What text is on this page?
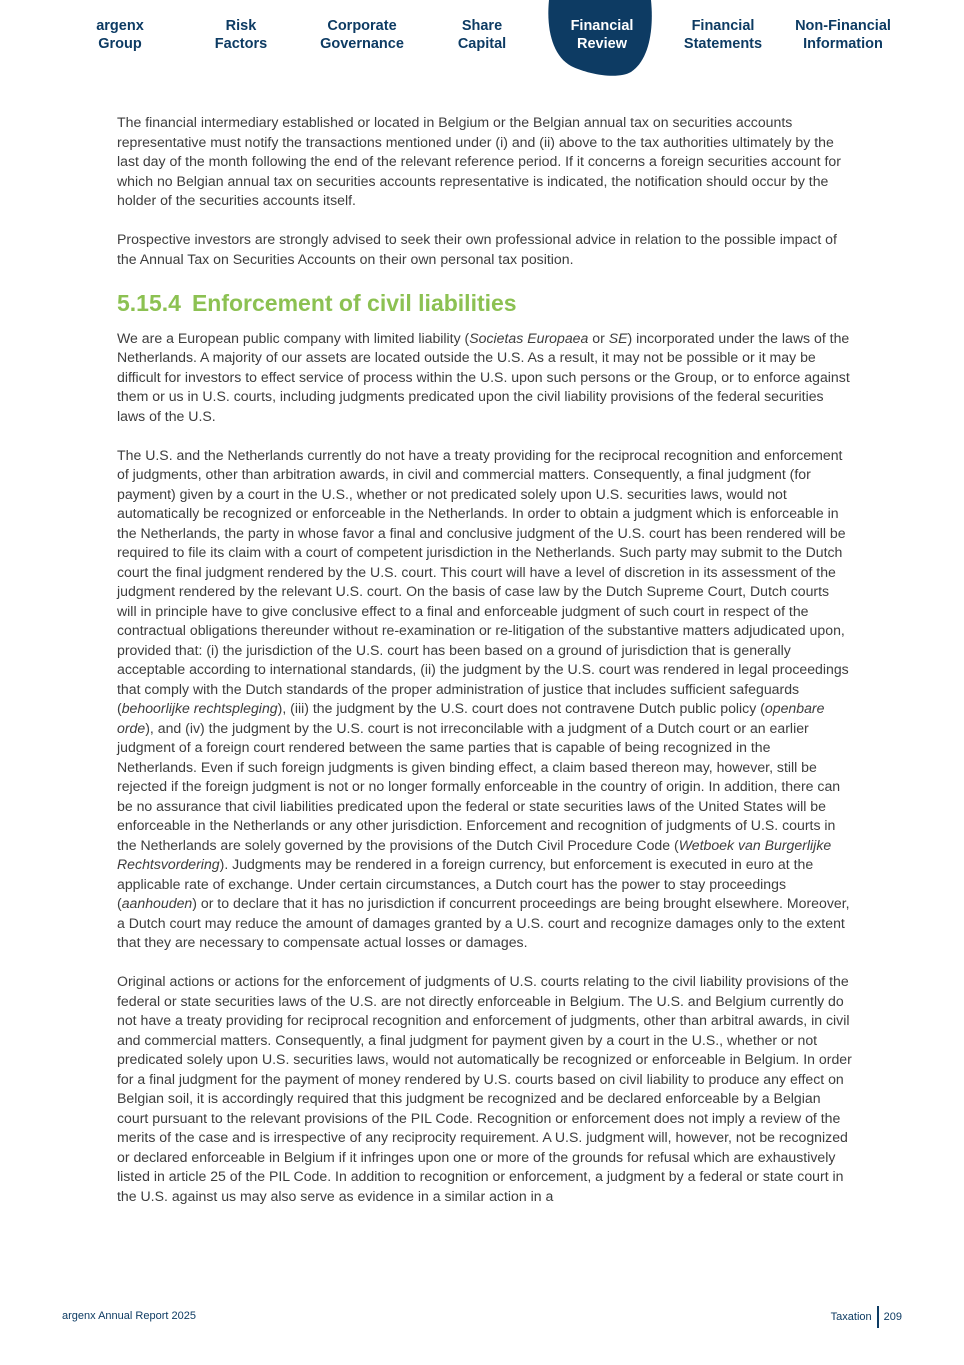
argenx
Group
Risk
Factors
Corporate
Governance
Share
Capital
Financial
Review
Financial
Statements
Non-Financial
Information

The financial intermediary established or located in Belgium or the Belgian annual tax on securities accounts representative must notify the transactions mentioned under (i) and (ii) above to the tax authorities ultimately by the last day of the month following the end of the relevant reference period. If it concerns a foreign securities account for which no Belgian annual tax on securities accounts representative is indicated, the notification should occur by the holder of the securities accounts itself.

Prospective investors are strongly advised to seek their own professional advice in relation to the possible impact of the Annual Tax on Securities Accounts on their own personal tax position.

5.15.4 Enforcement of civil liabilities

We are a European public company with limited liability (Societas Europaea or SE) incorporated under the laws of the Netherlands. A majority of our assets are located outside the U.S. As a result, it may not be possible or it may be difficult for investors to effect service of process within the U.S. upon such persons or the Group, or to enforce against them or us in U.S. courts, including judgments predicated upon the civil liability provisions of the federal securities laws of the U.S.

The U.S. and the Netherlands currently do not have a treaty providing for the reciprocal recognition and enforcement of judgments, other than arbitration awards, in civil and commercial matters. Consequently, a final judgment (for payment) given by a court in the U.S., whether or not predicated solely upon U.S. securities laws, would not automatically be recognized or enforceable in the Netherlands. In order to obtain a judgment which is enforceable in the Netherlands, the party in whose favor a final and conclusive judgment of the U.S. court has been rendered will be required to file its claim with a court of competent jurisdiction in the Netherlands. Such party may submit to the Dutch court the final judgment rendered by the U.S. court. This court will have a level of discretion in its assessment of the judgment rendered by the relevant U.S. court. On the basis of case law by the Dutch Supreme Court, Dutch courts will in principle have to give conclusive effect to a final and enforceable judgment of such court in respect of the contractual obligations thereunder without re-examination or re-litigation of the substantive matters adjudicated upon, provided that: (i) the jurisdiction of the U.S. court has been based on a ground of jurisdiction that is generally acceptable according to international standards, (ii) the judgment by the U.S. court was rendered in legal proceedings that comply with the Dutch standards of the proper administration of justice that includes sufficient safeguards (behoorlijke rechtspleging), (iii) the judgment by the U.S. court does not contravene Dutch public policy (openbare orde), and (iv) the judgment by the U.S. court is not irreconcilable with a judgment of a Dutch court or an earlier judgment of a foreign court rendered between the same parties that is capable of being recognized in the Netherlands. Even if such foreign judgments is given binding effect, a claim based thereon may, however, still be rejected if the foreign judgment is not or no longer formally enforceable in the country of origin. In addition, there can be no assurance that civil liabilities predicated upon the federal or state securities laws of the United States will be enforceable in the Netherlands or any other jurisdiction. Enforcement and recognition of judgments of U.S. courts in the Netherlands are solely governed by the provisions of the Dutch Civil Procedure Code (Wetboek van Burgerlijke Rechtsvordering). Judgments may be rendered in a foreign currency, but enforcement is executed in euro at the applicable rate of exchange. Under certain circumstances, a Dutch court has the power to stay proceedings (aanhouden) or to declare that it has no jurisdiction if concurrent proceedings are being brought elsewhere. Moreover, a Dutch court may reduce the amount of damages granted by a U.S. court and recognize damages only to the extent that they are necessary to compensate actual losses or damages.

Original actions or actions for the enforcement of judgments of U.S. courts relating to the civil liability provisions of the federal or state securities laws of the U.S. are not directly enforceable in Belgium. The U.S. and Belgium currently do not have a treaty providing for reciprocal recognition and enforcement of judgments, other than arbitral awards, in civil and commercial matters. Consequently, a final judgment for payment given by a court in the U.S., whether or not predicated solely upon U.S. securities laws, would not automatically be recognized or enforceable in Belgium. In order for a final judgment for the payment of money rendered by U.S. courts based on civil liability to produce any effect on Belgian soil, it is accordingly required that this judgment be recognized and be declared enforceable by a Belgian court pursuant to the relevant provisions of the PIL Code. Recognition or enforcement does not imply a review of the merits of the case and is irrespective of any reciprocity requirement. A U.S. judgment will, however, not be recognized or declared enforceable in Belgium if it infringes upon one or more of the grounds for refusal which are exhaustively listed in article 25 of the PIL Code. In addition to recognition or enforcement, a judgment by a federal or state court in the U.S. against us may also serve as evidence in a similar action in a

argenx Annual Report 2025	Taxation 209
